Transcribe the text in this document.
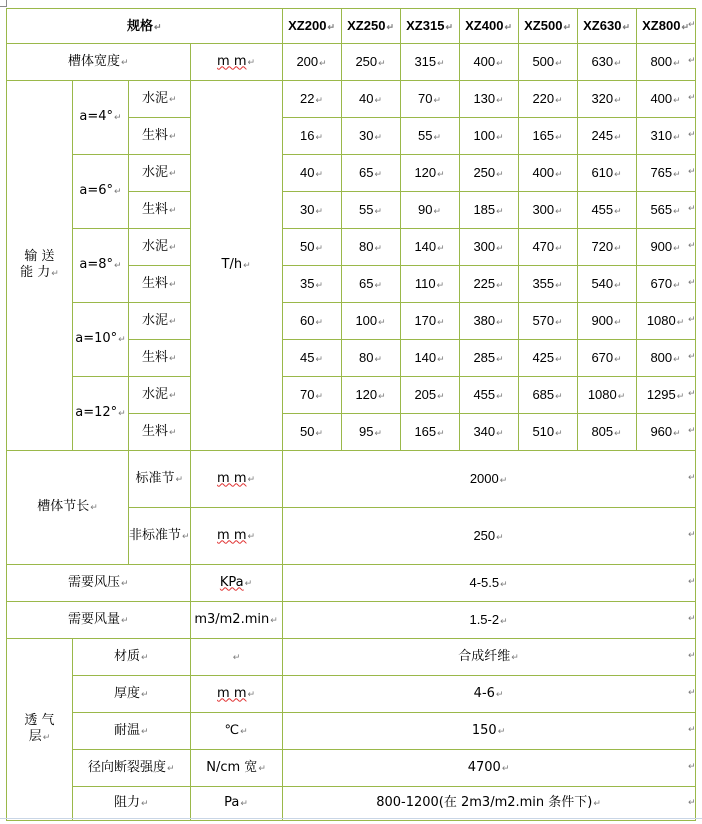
规格↵				XZ200↵	XZ250↵	XZ315↵	XZ400↵	XZ500↵	XZ630↵	XZ800↵
槽体宽度↵			m m↵	200↵	250↵	315↵	400↵	500↵	630↵	800↵
输 送
能 力↵	a=4°↵	水泥↵	T/h↵	22↵	40↵	70↵	130↵	220↵	320↵	400↵
		生料↵		16↵	30↵	55↵	100↵	165↵	245↵	310↵
	a=6°↵	水泥↵		40↵	65↵	120↵	250↵	400↵	610↵	765↵
		生料↵		30↵	55↵	90↵	185↵	300↵	455↵	565↵
	a=8°↵	水泥↵		50↵	80↵	140↵	300↵	470↵	720↵	900↵
		生料↵		35↵	65↵	110↵	225↵	355↵	540↵	670↵
	a=10°↵	水泥↵		60↵	100↵	170↵	380↵	570↵	900↵	1080↵
		生料↵		45↵	80↵	140↵	285↵	425↵	670↵	800↵
	a=12°↵	水泥↵		70↵	120↵	205↵	455↵	685↵	1080↵	1295↵
		生料↵		50↵	95↵	165↵	340↵	510↵	805↵	960↵
槽体节长↵		标准节↵	m m↵	2000↵						
		非标准节↵	m m↵	250↵						
需要风压↵			KPa↵	4-5.5↵						
需要风量↵			m3/m2.min↵	1.5-2↵						
透 气
层↵	材质↵		↵	合成纤维↵						
	厚度↵		m m↵	4-6↵						
	耐温↵		℃↵	150↵						
	径向断裂强度↵		N/cm 宽↵	4700↵						
	阻力↵		Pa↵	800-1200(在 2m3/m2.min 条件下)↵						
↵
↵
↵
↵
↵
↵
↵
↵
↵
↵
↵
↵
↵
↵
↵
↵
↵
↵
↵
↵
↵
